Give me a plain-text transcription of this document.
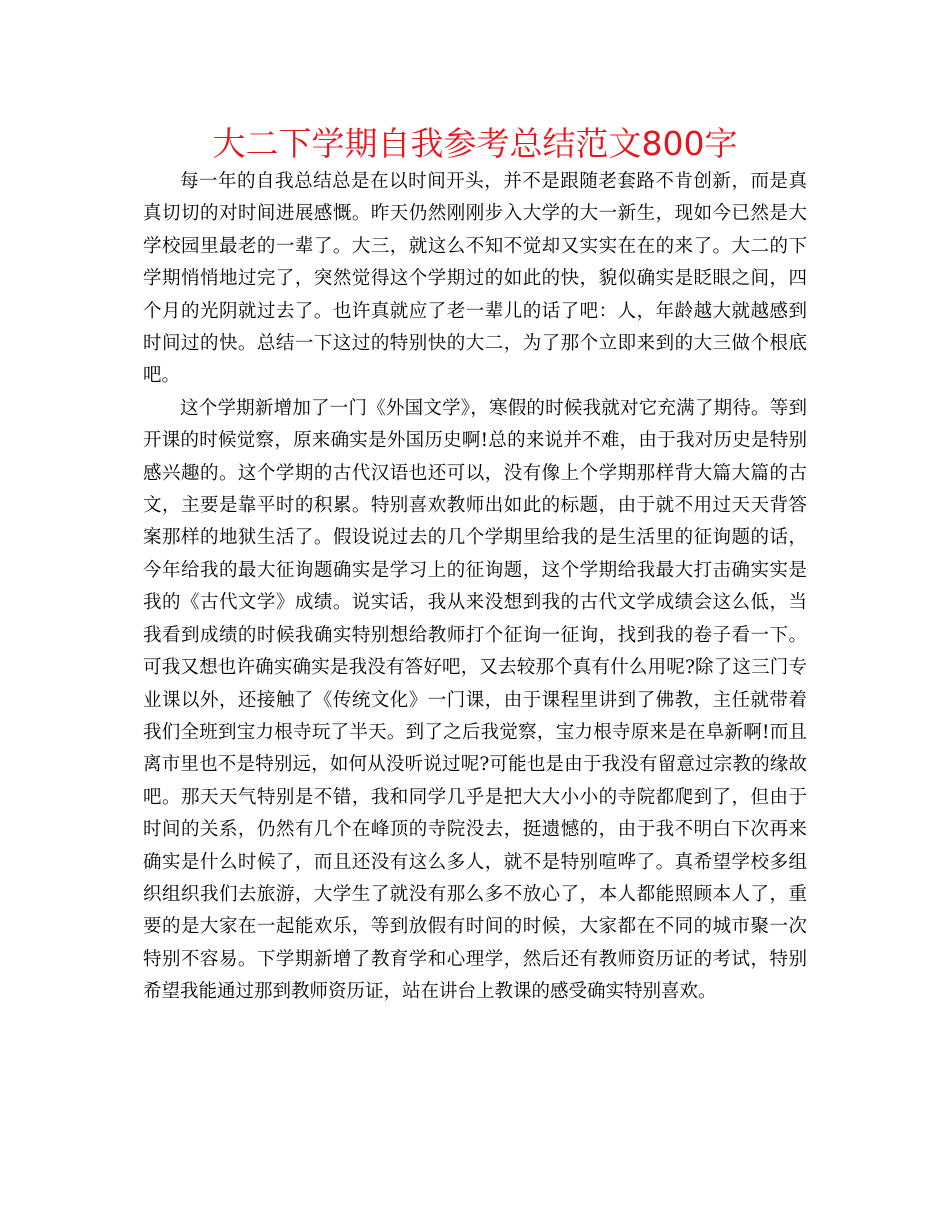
大二下学期自我参考总结范文800字

每一年的自我总结总是在以时间开头，并不是跟随老套路不肯创新，而是真真切切的对时间进展感慨。昨天仍然刚刚步入大学的大一新生，现如今已然是大学校园里最老的一辈了。大三，就这么不知不觉却又实实在在的来了。大二的下学期悄悄地过完了，突然觉得这个学期过的如此的快，貌似确实是眨眼之间，四个月的光阴就过去了。也许真就应了老一辈儿的话了吧：人，年龄越大就越感到时间过的快。总结一下这过的特别快的大二，为了那个立即来到的大三做个根底吧。

这个学期新增加了一门《外国文学》，寒假的时候我就对它充满了期待。等到开课的时候觉察，原来确实是外国历史啊!总的来说并不难，由于我对历史是特别感兴趣的。这个学期的古代汉语也还可以，没有像上个学期那样背大篇大篇的古文，主要是靠平时的积累。特别喜欢教师出如此的标题，由于就不用过天天背答案那样的地狱生活了。假设说过去的几个学期里给我的是生活里的征询题的话，今年给我的最大征询题确实是学习上的征询题，这个学期给我最大打击确实实是我的《古代文学》成绩。说实话，我从来没想到我的古代文学成绩会这么低，当我看到成绩的时候我确实特别想给教师打个征询一征询，找到我的卷子看一下。可我又想也许确实确实是我没有答好吧，又去较那个真有什么用呢?除了这三门专业课以外，还接触了《传统文化》一门课，由于课程里讲到了佛教，主任就带着我们全班到宝力根寺玩了半天。到了之后我觉察，宝力根寺原来是在阜新啊!而且离市里也不是特别远，如何从没听说过呢?可能也是由于我没有留意过宗教的缘故吧。那天天气特别是不错，我和同学几乎是把大大小小的寺院都爬到了，但由于时间的关系，仍然有几个在峰顶的寺院没去，挺遗憾的，由于我不明白下次再来确实是什么时候了，而且还没有这么多人，就不是特别喧哗了。真希望学校多组织组织我们去旅游，大学生了就没有那么多不放心了，本人都能照顾本人了，重要的是大家在一起能欢乐，等到放假有时间的时候，大家都在不同的城市聚一次特别不容易。下学期新增了教育学和心理学，然后还有教师资历证的考试，特别希望我能通过那到教师资历证，站在讲台上教课的感受确实特别喜欢。
